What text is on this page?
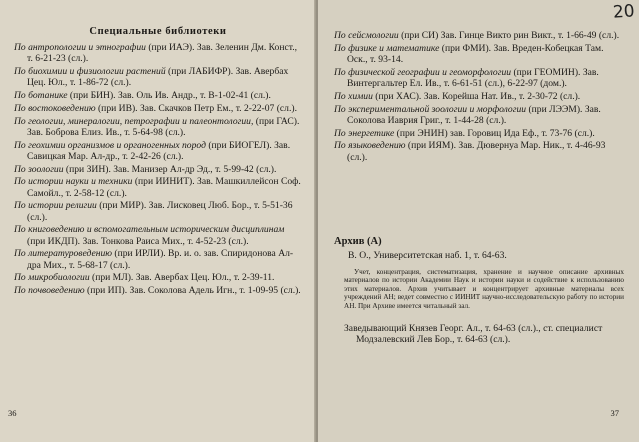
Специальные библиотеки

По антропологии и этнографии (при ИАЭ). Зав. Зеленин Дм. Конст., т. 6-21-23 (сл.).

По биохимии и физиологии растений (при ЛАБИФР). Зав. Авербах Цец. Юл., т. 1-86-72 (сл.).

По ботанике (при БИН). Зав. Оль Ив. Андр., т. В-1-02-41 (сл.).

По востоковедению (при ИВ). Зав. Скачков Петр Ем., т. 2-22-07 (сл.).

По геологии, минералогии, петрографии и палеонтологии, (при ГАС). Зав. Боброва Елиз. Ив., т. 5-64-98 (сл.).

По геохимии организмов и органогенных пород (при БИОГЕЛ). Зав. Савицкая Мар. Ал-др., т. 2-42-26 (сл.).

По зоологии (при ЗИН). Зав. Манизер Ал-др Эд., т. 5-99-42 (сл.).

По истории науки и техники (при ИИНИТ). Зав. Машкиллейсон Соф. Самойл., т. 2-58-12 (сл.).

По истории религии (при МИР). Зав. Лисковец Люб. Бор., т. 5-51-36 (сл.).

По книговедению и вспомогательным историческим дисциплинам (при ИКДП). Зав. Тонкова Раиса Мих., т. 4-52-23 (сл.).

По литературоведению (при ИРЛИ). Вр. и. о. зав. Спиридонова Ал-дра Мих., т. 5-68-17 (сл.).

По микробиологии (при МЛ). Зав. Авербах Цец. Юл., т. 2-39-11.

По почвоведению (при ИП). Зав. Соколова Адель Игн., т. 1-09-95 (сл.).

36
20

По сейсмологии (при СИ) Зав. Гинце Викто рин Викт., т. 1-66-49 (сл.).

По физике и математике (при ФМИ). Зав. Вреден-Кобецкая Там. Оск., т. 93-14.

По физической географии и геоморфологии (при ГЕОМИН). Зав. Винтергальтер Ел. Ив., т. 6-61-51 (сл.), 6-22-97 (дом.).

По химии (при ХАС). Зав. Корейша Нат. Ив., т. 2-30-72 (сл.).

По экспериментальной зоологии и морфологии (при ЛЭЭМ). Зав. Соколова Иаврия Григ., т. 1-44-28 (сл.).

По энергетике (при ЭНИН) зав. Горовиц Ида Еф., т. 73-76 (сл.).

По языковедению (при ИЯМ). Зав. Дювернуа Мар. Ник., т. 4-46-93 (сл.).

Архив (А)
В. О., Университетская наб. 1, т. 64-63.
Учет, концентрация, систематизация, хранение и научное описание архивных материалов по истории Академии Наук и истории науки и содействие к использованию этих материалов. Архив учитывает и концентрирует архивные материалы всех учреждений АН; ведет совместно с ИИНИТ научно-исследовательскую работу по истории АН. При Архиве имеется читальный зал.

Заведывающий Князев Георг. Ал., т. 64-63 (сл.)., ст. специалист Модзалевский Лев Бор., т. 64-63 (сл.).

37
